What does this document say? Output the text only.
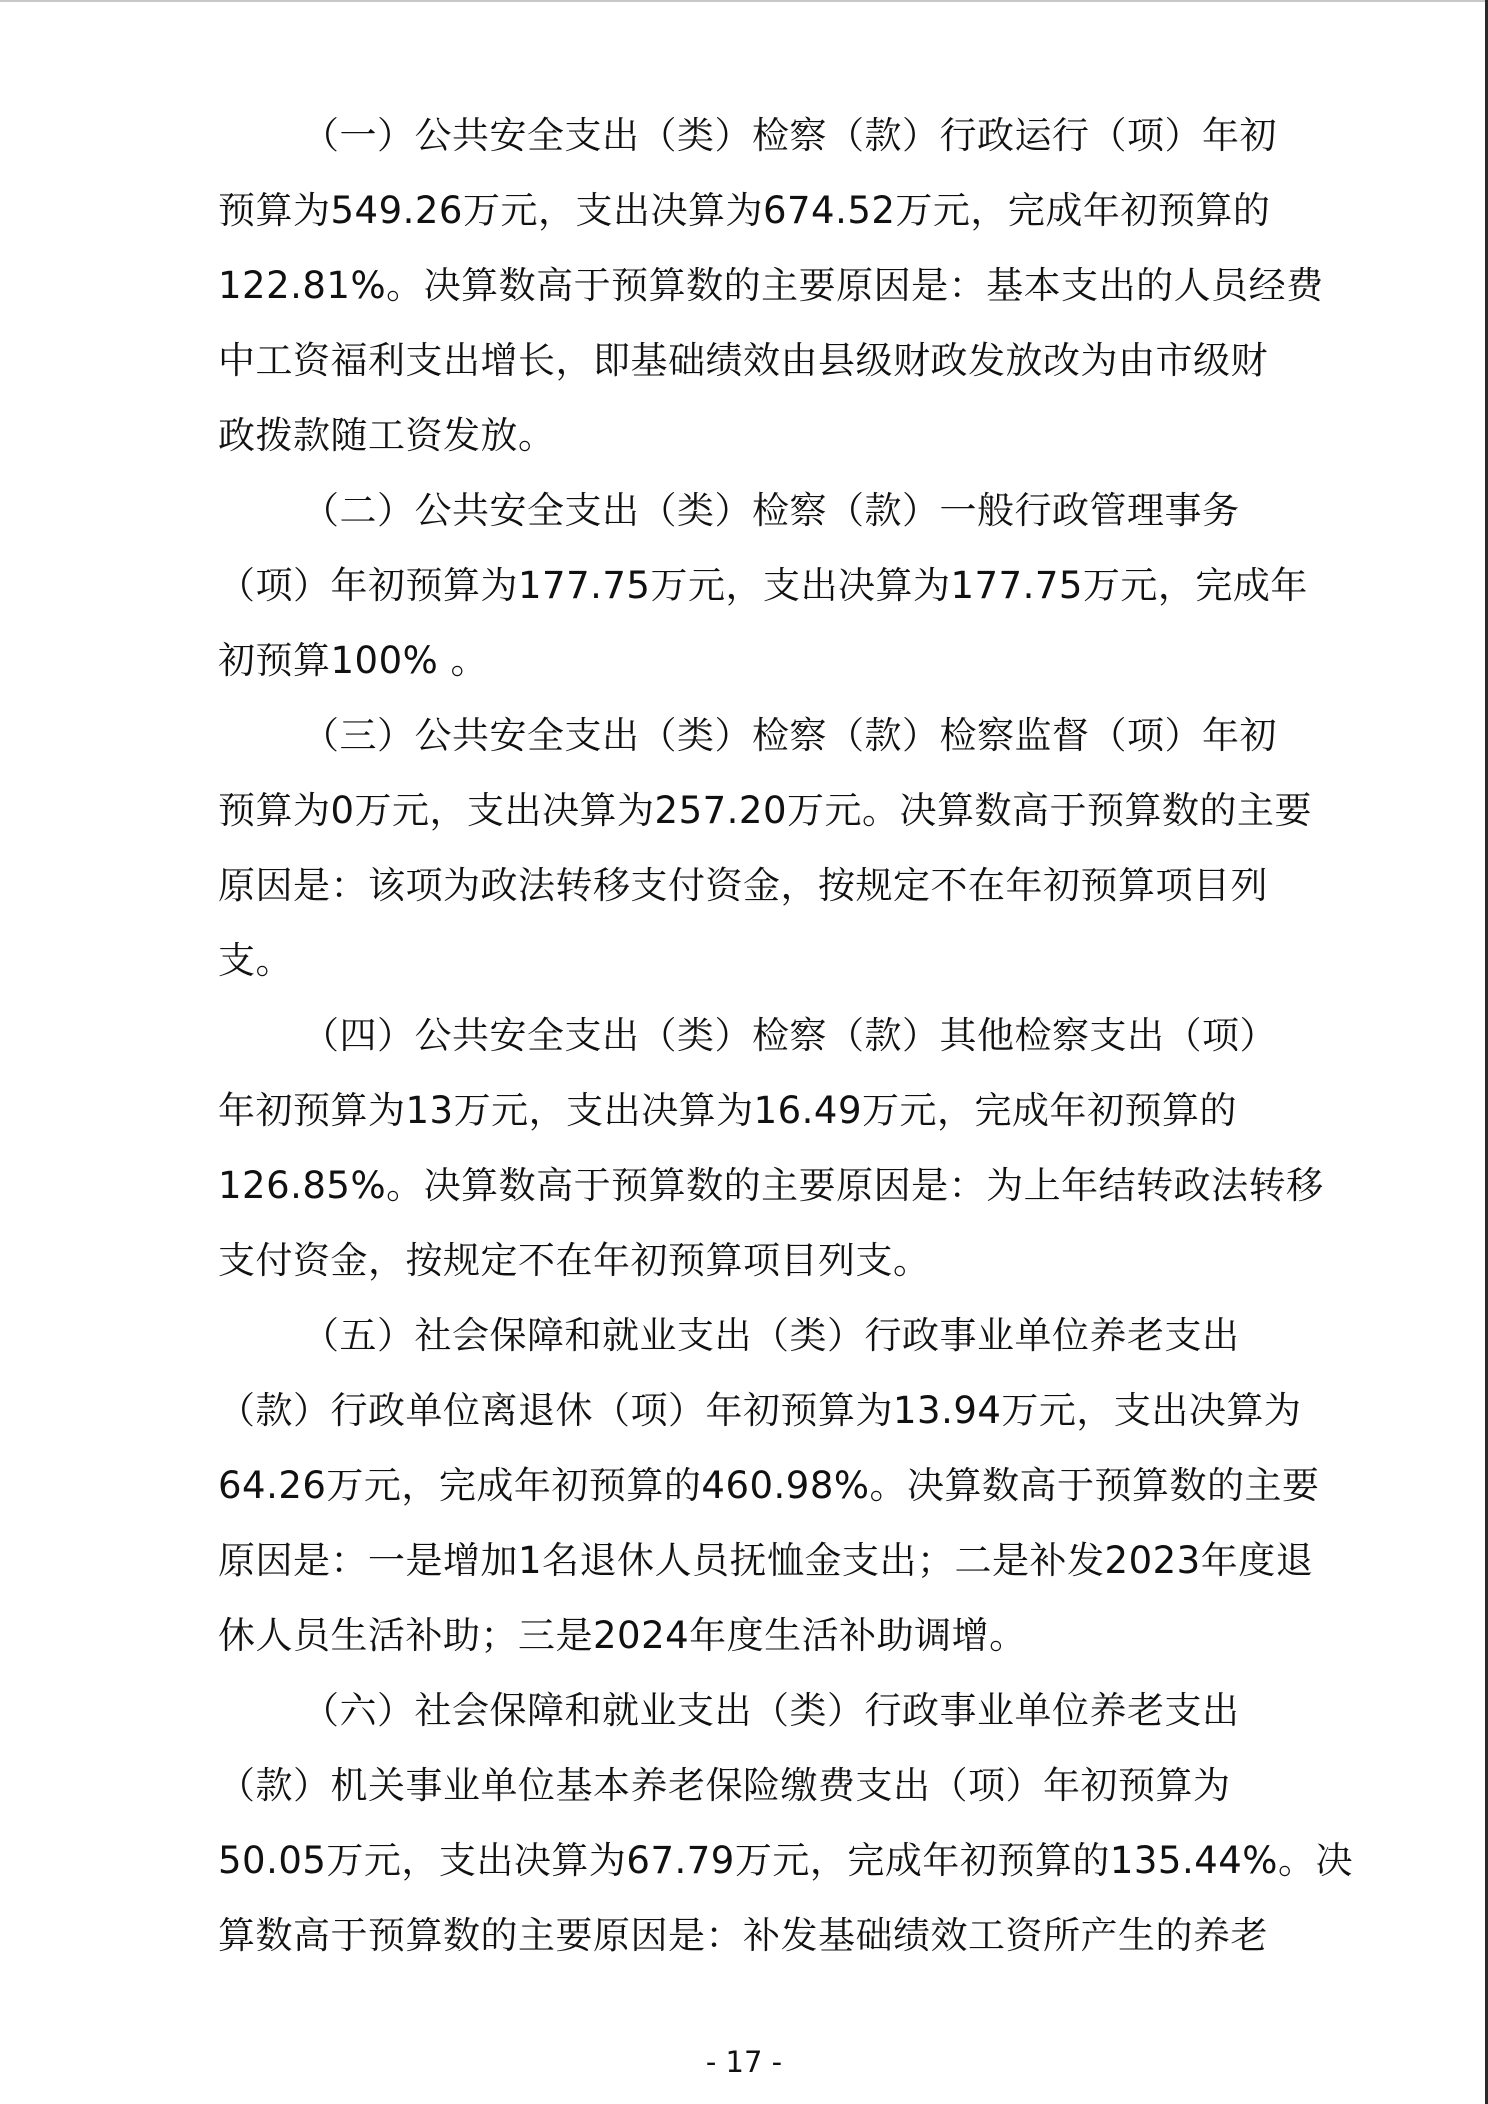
（一）公共安全支出（类）检察（款）行政运行（项）年初
预算为549.26万元，支出决算为674.52万元，完成年初预算的
122.81%。决算数高于预算数的主要原因是：基本支出的人员经费
中工资福利支出增长，即基础绩效由县级财政发放改为由市级财
政拨款随工资发放。
（二）公共安全支出（类）检察（款）一般行政管理事务
（项）年初预算为177.75万元，支出决算为177.75万元，完成年
初预算100% 。
（三）公共安全支出（类）检察（款）检察监督（项）年初
预算为0万元，支出决算为257.20万元。决算数高于预算数的主要
原因是：该项为政法转移支付资金，按规定不在年初预算项目列
支。
（四）公共安全支出（类）检察（款）其他检察支出（项）
年初预算为13万元，支出决算为16.49万元，完成年初预算的
126.85%。决算数高于预算数的主要原因是：为上年结转政法转移
支付资金，按规定不在年初预算项目列支。
（五）社会保障和就业支出（类）行政事业单位养老支出
（款）行政单位离退休（项）年初预算为13.94万元，支出决算为
64.26万元，完成年初预算的460.98%。决算数高于预算数的主要
原因是：一是增加1名退休人员抚恤金支出；二是补发2023年度退
休人员生活补助；三是2024年度生活补助调增。
（六）社会保障和就业支出（类）行政事业单位养老支出
（款）机关事业单位基本养老保险缴费支出（项）年初预算为
50.05万元，支出决算为67.79万元，完成年初预算的135.44%。决
算数高于预算数的主要原因是：补发基础绩效工资所产生的养老
- 17 -
